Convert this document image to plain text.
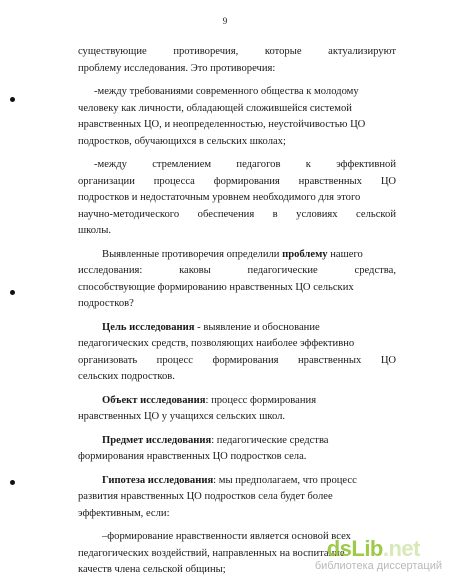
9
существующие противоречия, которые актуализируют
проблему исследования. Это противоречия:
-между требованиями современного общества к молодому
человеку как личности, обладающей сложившейся системой
нравственных ЦО, и неопределенностью, неустойчивостью ЦО
подростков, обучающихся в сельских школах;
-между стремлением педагогов к эффективной
организации процесса формирования нравственных ЦО
подростков и недостаточным уровнем необходимого для этого
научно-методического обеспечения в условиях сельской
школы.
Выявленные противоречия определили проблему нашего
исследования: каковы педагогические средства,
способствующие формированию нравственных ЦО сельских
подростков?
Цель исследования - выявление и обоснование
педагогических средств, позволяющих наиболее эффективно
организовать процесс формирования нравственных ЦО
сельских подростков.
Объект исследования: процесс формирования
нравственных ЦО у учащихся сельских школ.
Предмет исследования: педагогические средства
формирования нравственных ЦО подростков села.
Гипотеза исследования: мы предполагаем, что процесс
развития нравственных ЦО подростков села будет более
эффективным, если:
–формирование нравственности является основой всех
педагогических воздействий, направленных на воспитание
качеств члена сельской общины;
dsLib.net
библиотека диссертаций
